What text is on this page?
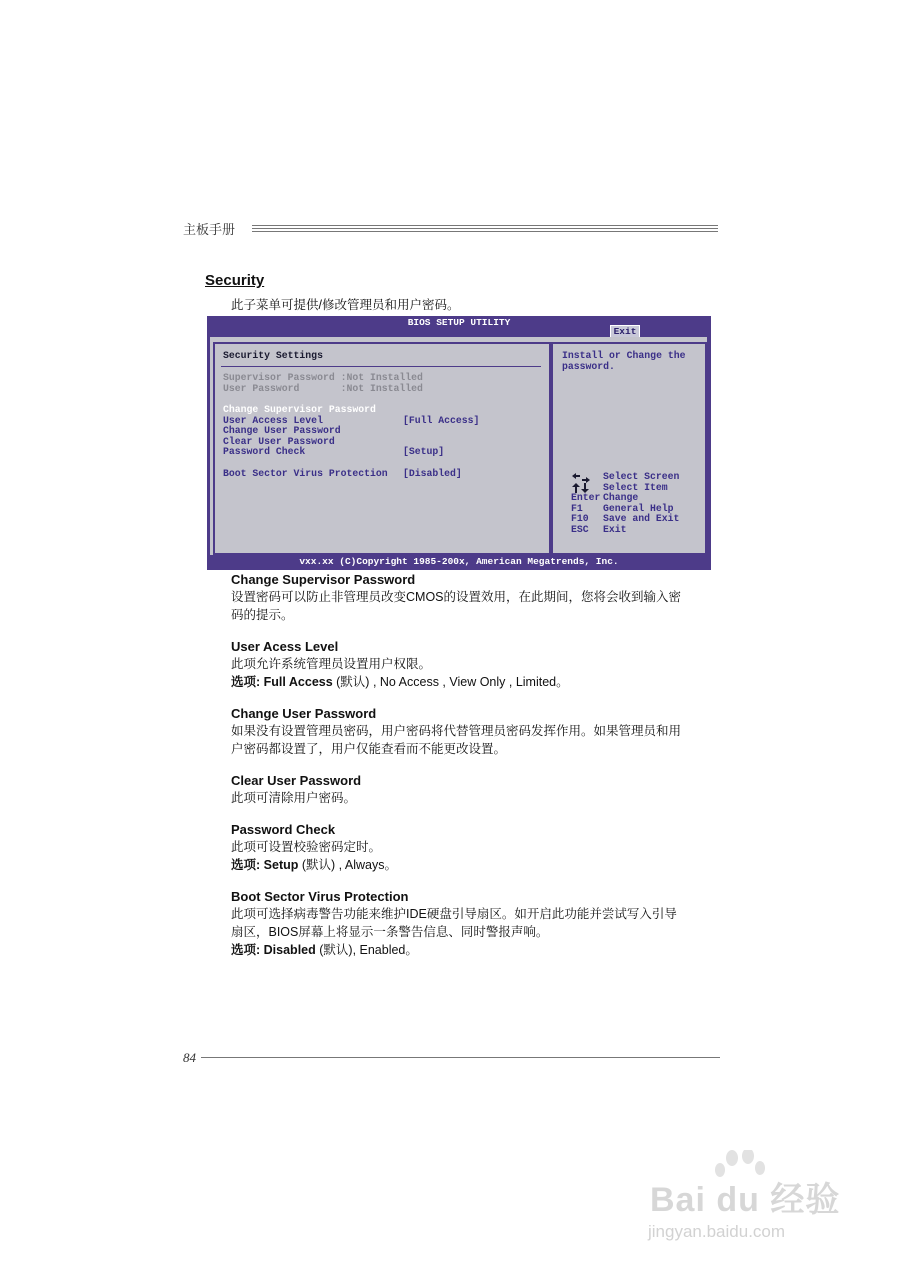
主板手册
Security
此子菜单可提供/修改管理员和用户密码。
BIOS SETUP UTILITY
Exit
Security Settings
Supervisor Password :Not Installed
User Password       :Not Installed
Change Supervisor Password
User Access Level	[Full Access]
Change User Password
Clear User Password
Password Check	[Setup]
Boot Sector Virus Protection [Disabled]
Install or Change the
password.
Select Screen
Select Item
Enter Change
F1 General Help
F10 Save and Exit
ESC Exit
vxx.xx (C)Copyright 1985-200x, American Megatrends, Inc.
Change Supervisor Password
设置密码可以防止非管理员改变CMOS的设置效用，在此期间，您将会收到输入密
码的提示。
User Acess Level
此项允许系统管理员设置用户权限。
选项: Full Access (默认) , No Access , View Only , Limited。
Change User Password
如果没有设置管理员密码，用户密码将代替管理员密码发挥作用。如果管理员和用
户密码都设置了，用户仅能查看而不能更改设置。
Clear User Password
此项可清除用户密码。
Password Check
此项可设置校验密码定时。
选项: Setup (默认) , Always。
Boot Sector Virus Protection
此项可选择病毒警告功能来维护IDE硬盘引导扇区。如开启此功能并尝试写入引导
扇区，BIOS屏幕上将显示一条警告信息、同时警报声响。
选项: Disabled (默认), Enabled。
84
Bai du 经验
jingyan.baidu.com
